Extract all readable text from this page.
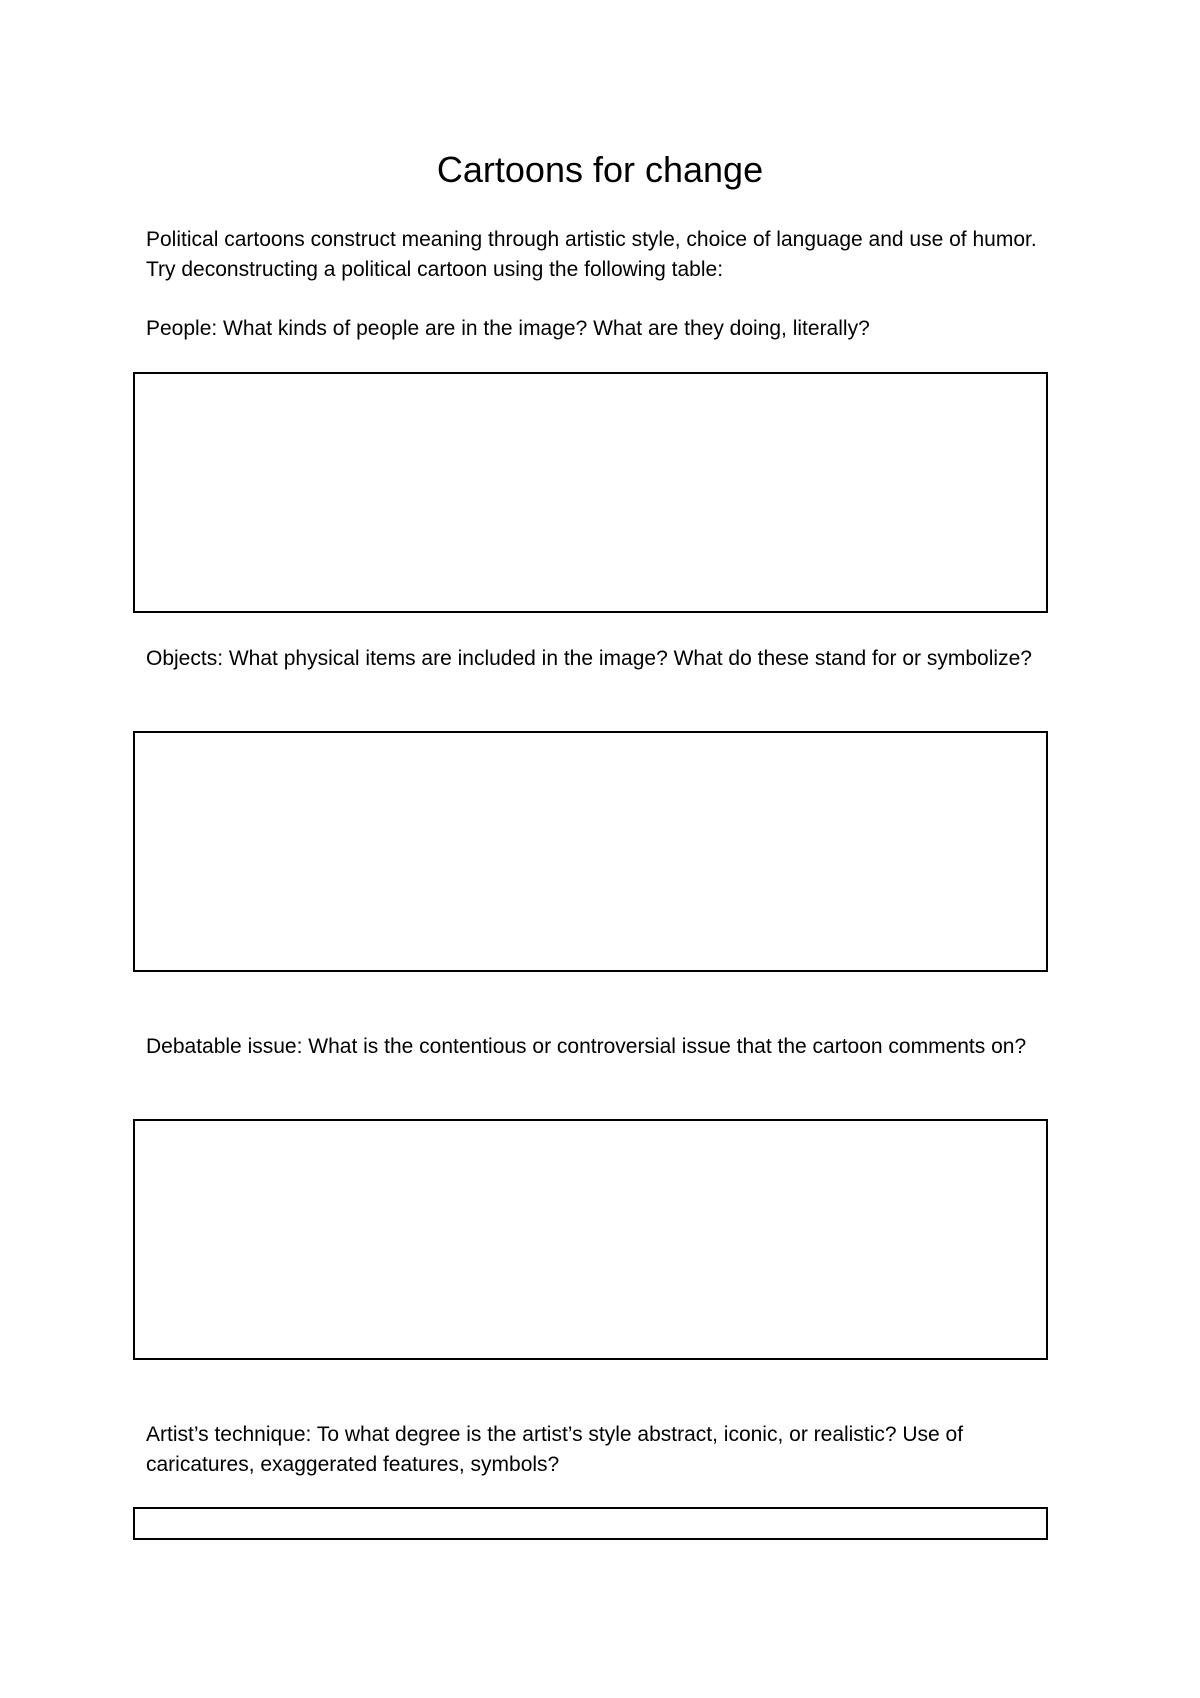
Cartoons for change
Political cartoons construct meaning through artistic style, choice of language and use of humor. Try deconstructing a political cartoon using the following table:
People: What kinds of people are in the image? What are they doing, literally?
Objects: What physical items are included in the image? What do these stand for or symbolize?
Debatable issue: What is the contentious or controversial issue that the cartoon comments on?
Artist’s technique: To what degree is the artist’s style abstract, iconic, or realistic? Use of caricatures, exaggerated features, symbols?
